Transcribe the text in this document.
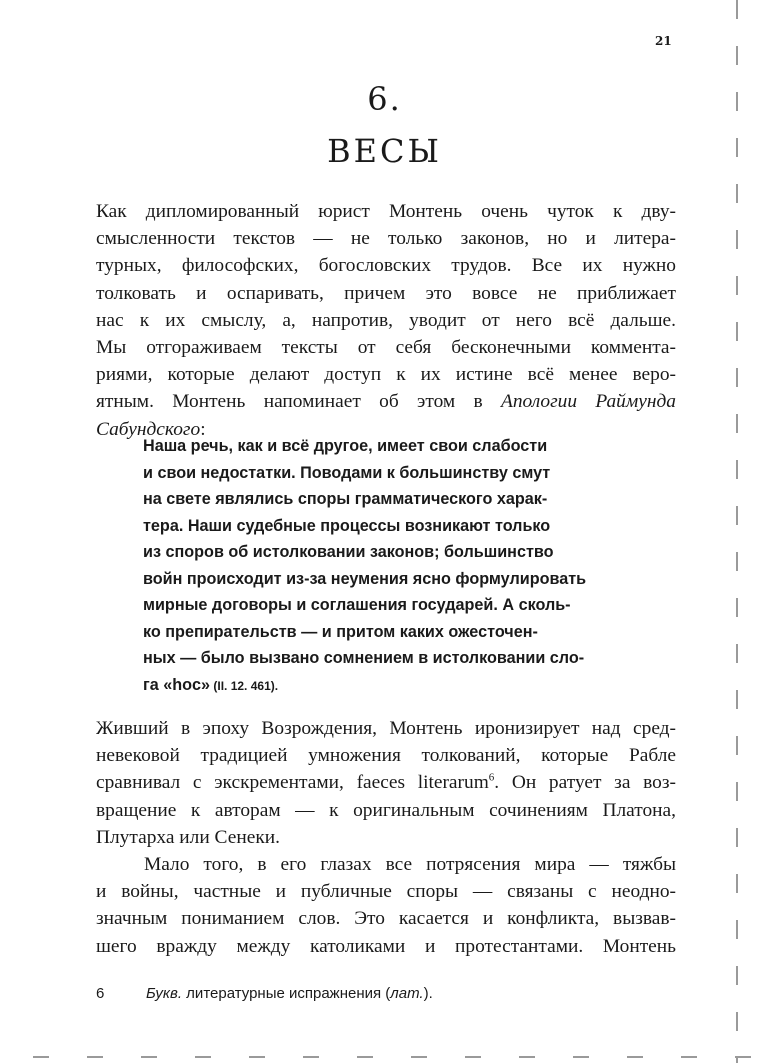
21
6.
ВЕСЫ
Как дипломированный юрист Монтень очень чуток к дву-
смысленности текстов — не только законов, но и литера-
турных, философских, богословских трудов. Все их нужно
толковать и оспаривать, причем это вовсе не приближает
нас к их смыслу, а, напротив, уводит от него всё дальше.
Мы отгораживаем тексты от себя бесконечными коммента-
риями, которые делают доступ к их истине всё менее веро-
ятным. Монтень напоминает об этом в Апологии Раймунда
Сабундского:
Наша речь, как и всё другое, имеет свои слабости
и свои недостатки. Поводами к большинству смут
на свете являлись споры грамматического харак-
тера. Наши судебные процессы возникают только
из споров об истолковании законов; большинство
войн происходит из-за неумения ясно формулировать
мирные договоры и соглашения государей. А сколь-
ко препирательств — и притом каких ожесточен-
ных — было вызвано сомнением в истолковании сло-
га «hoc» (II. 12. 461).
Живший в эпоху Возрождения, Монтень иронизирует над сред-
невековой традицией умножения толкований, которые Рабле
сравнивал с экскрементами, faeces literarum$^6$. Он ратует за воз-
вращение к авторам — к оригинальным сочинениям Платона,
Плутарха или Сенеки.
Мало того, в его глазах все потрясения мира — тяжбы
и войны, частные и публичные споры — связаны с неодно-
значным пониманием слов. Это касается и конфликта, вызвав-
шего вражду между католиками и протестантами. Монтень
6	Букв. литературные испражнения (лат.).
